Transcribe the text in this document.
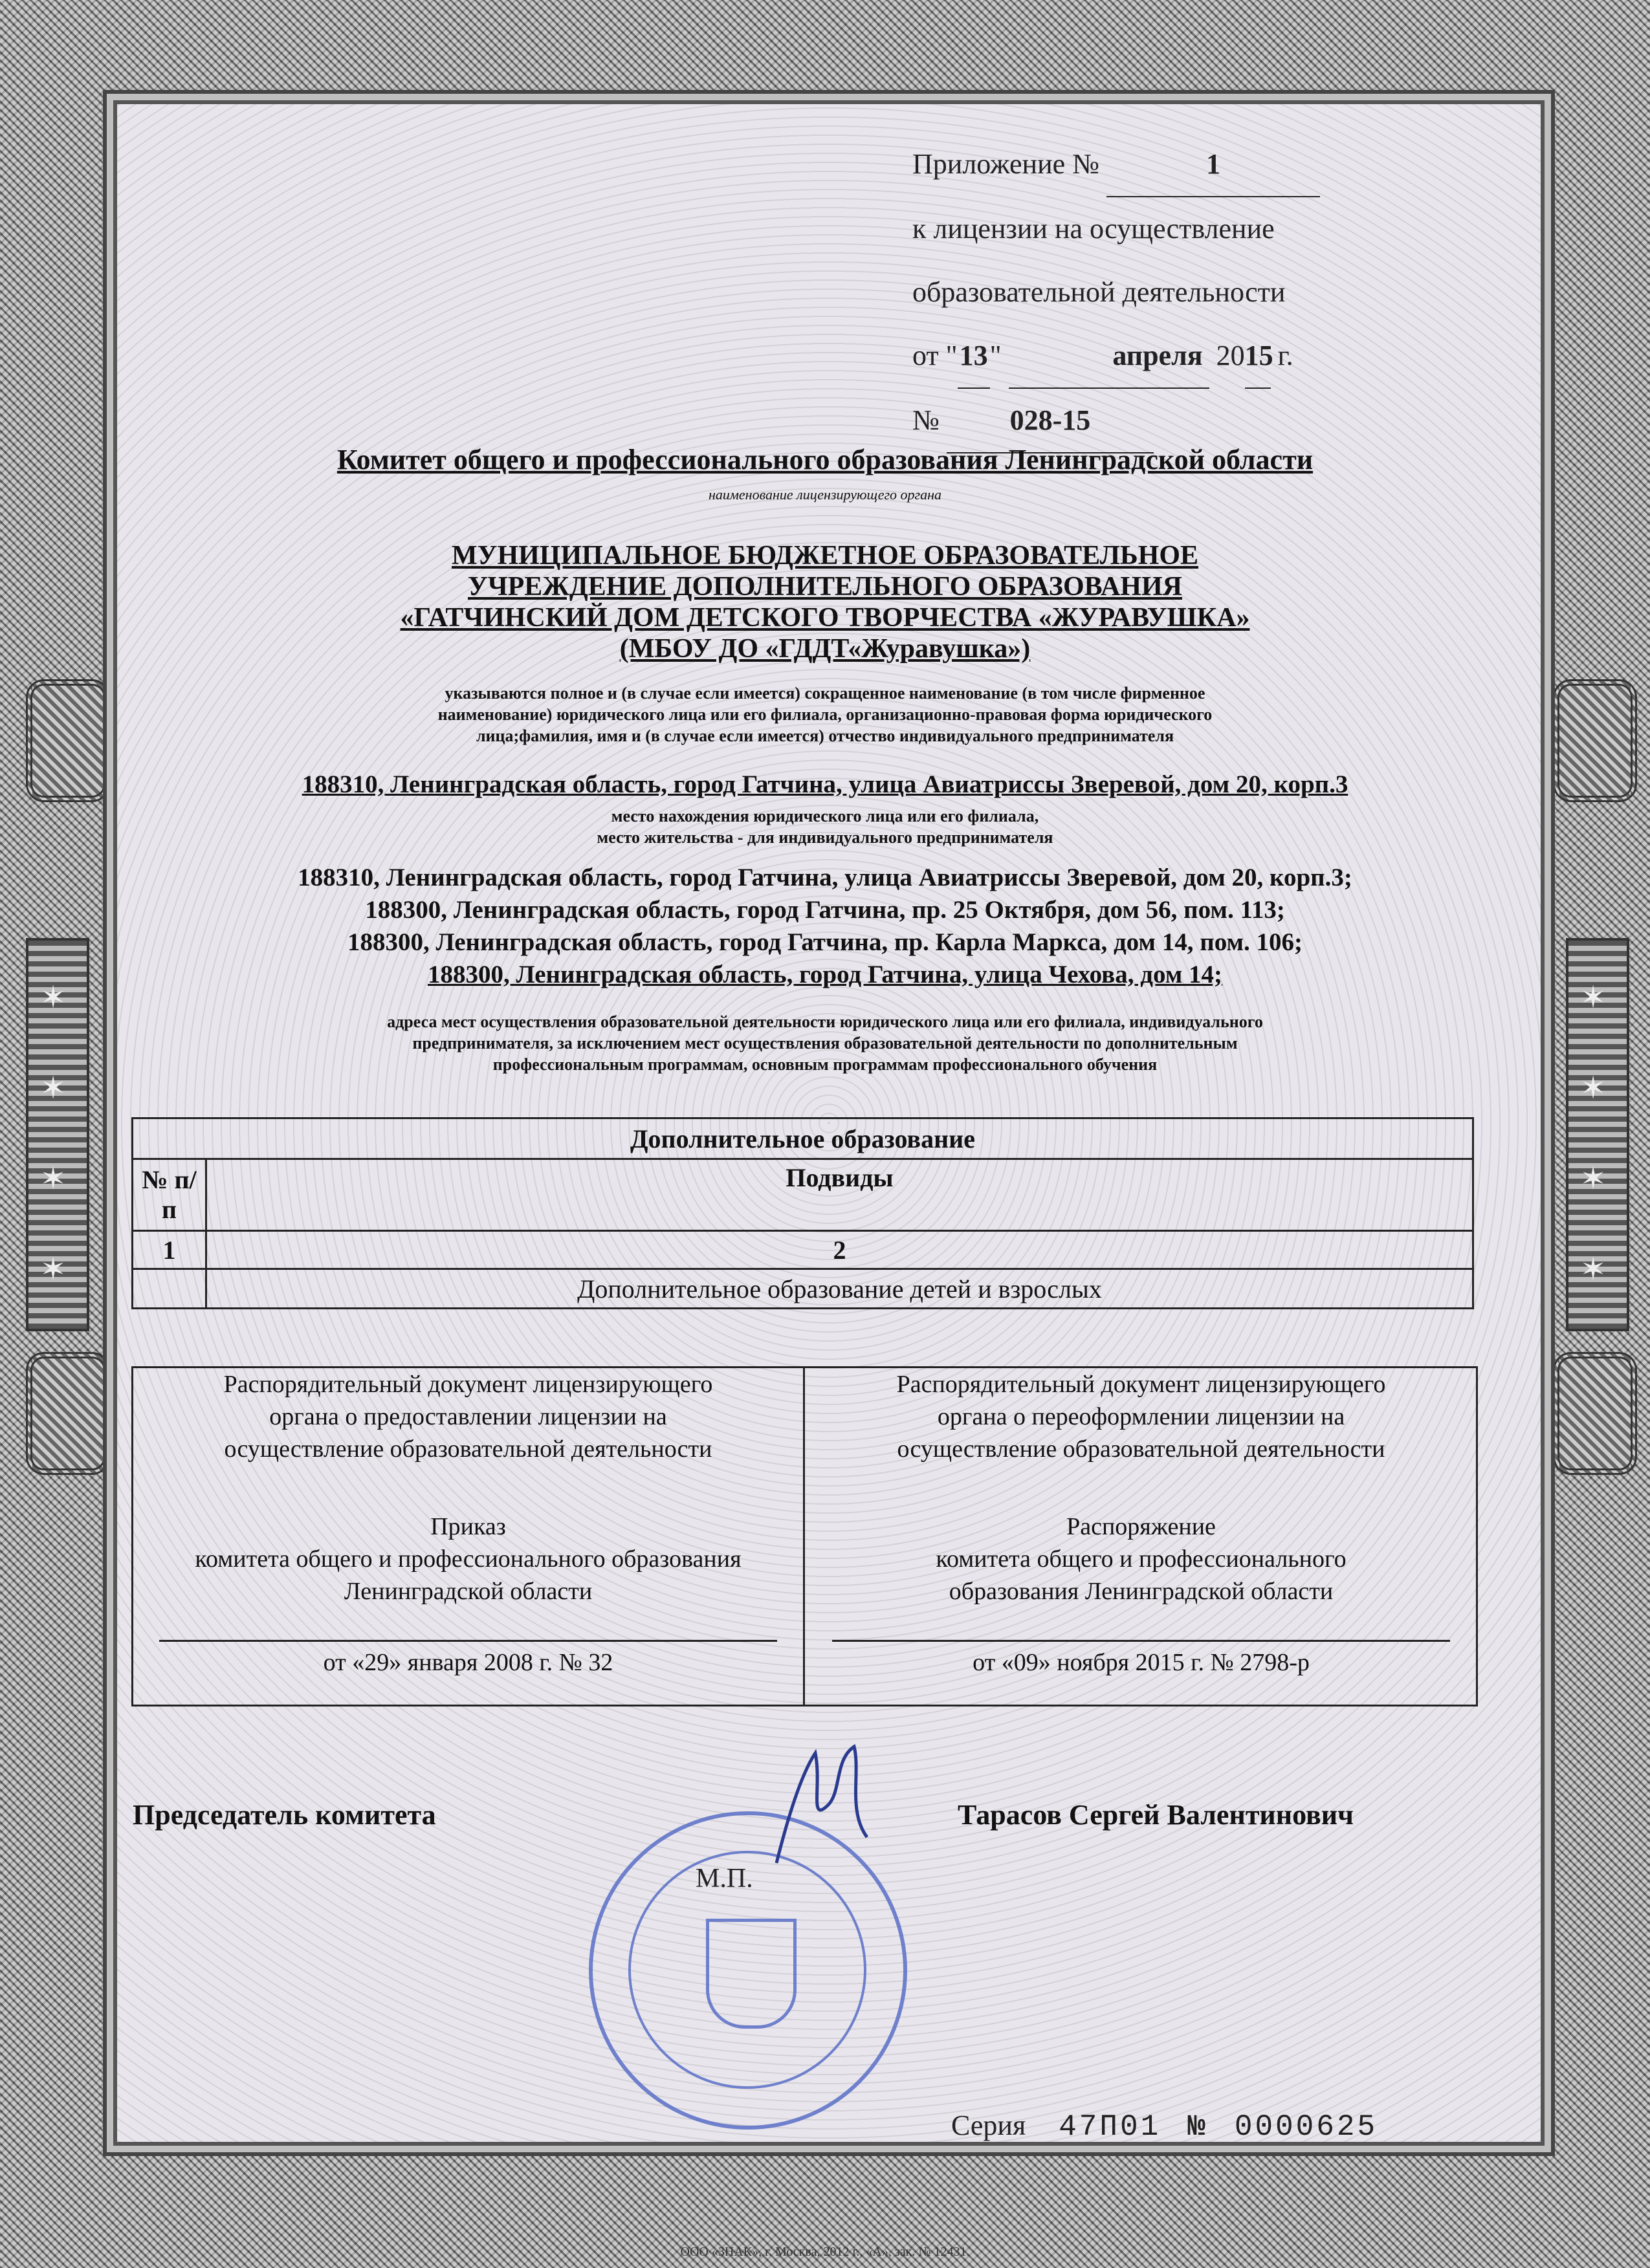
✶
✶
✶
✶
✶
✶
✶
✶
Приложение №	1
к лицензии на осуществление
образовательной деятельности
от "13"	апреля 2015 г.
№ 028-15
Комитет общего и профессионального образования Ленинградской области
наименование лицензирующего органа
МУНИЦИПАЛЬНОЕ БЮДЖЕТНОЕ ОБРАЗОВАТЕЛЬНОЕ
УЧРЕЖДЕНИЕ ДОПОЛНИТЕЛЬНОГО ОБРАЗОВАНИЯ
«ГАТЧИНСКИЙ ДОМ ДЕТСКОГО ТВОРЧЕСТВА «ЖУРАВУШКА»
(МБОУ ДО «ГДДТ«Журавушка»)
указываются полное и (в случае если имеется) сокращенное наименование (в том числе фирменное
наименование) юридического лица или его филиала, организационно-правовая форма юридического
лица;фамилия, имя и (в случае если имеется) отчество индивидуального предпринимателя
188310, Ленинградская область, город Гатчина, улица Авиатриссы Зверевой, дом 20, корп.3
место нахождения юридического лица или его филиала,
место жительства - для индивидуального предпринимателя
188310, Ленинградская область, город Гатчина, улица Авиатриссы Зверевой, дом 20, корп.3;
188300, Ленинградская область, город Гатчина, пр. 25 Октября, дом 56, пом. 113;
188300, Ленинградская область, город Гатчина, пр. Карла Маркса, дом 14, пом. 106;
188300, Ленинградская область, город Гатчина, улица Чехова, дом 14;
адреса мест осуществления образовательной деятельности юридического лица или его филиала, индивидуального
предпринимателя, за исключением мест осуществления образовательной деятельности по дополнительным
профессиональным программам, основным программам профессионального обучения
Дополнительное образование	
№ п/п	Подвиды
1	2
	Дополнительное образование детей и взрослых
Распорядительный документ лицензирующего
органа о предоставлении лицензии на
осуществление образовательной деятельности
Приказ
комитета общего и профессионального образования
Ленинградской области
от «29» января 2008 г. № 32
Распорядительный документ лицензирующего
органа о переоформлении лицензии на
осуществление образовательной деятельности
Распоряжение
комитета общего и профессионального
образования Ленинградской области
от «09» ноября 2015 г. № 2798-р
Председатель комитета	Тарасов Сергей Валентинович
М.П.
Серия 47П01 № 0000625
ООО «ЗНАК», г. Москва, 2012 г., «А», зак. № 12431.
